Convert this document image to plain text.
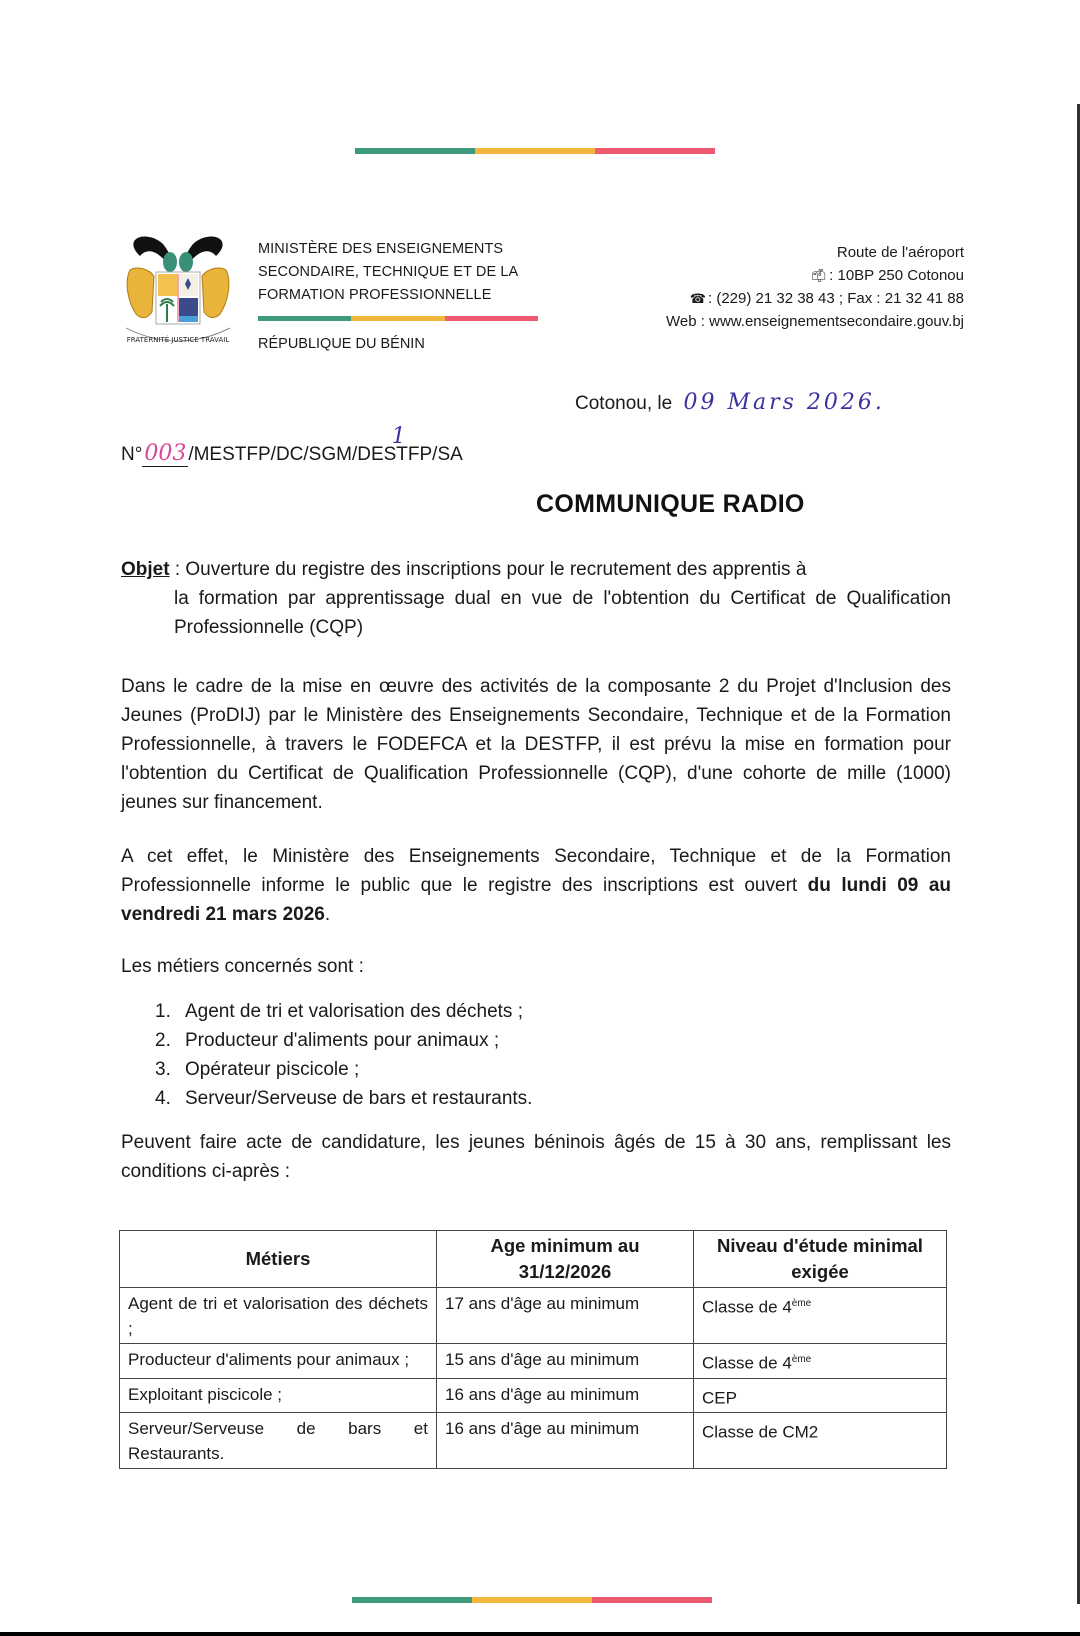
FRATERNITÉ JUSTICE TRAVAIL
MINISTÈRE DES ENSEIGNEMENTS
SECONDAIRE, TECHNIQUE ET DE LA
FORMATION PROFESSIONNELLE
RÉPUBLIQUE DU BÉNIN
Route de l'aéroport
📫︎ : 10BP 250 Cotonou
☎ : (229) 21 32 38 43 ; Fax : 21 32 41 88
Web : www.enseignementsecondaire.gouv.bj
Cotonou, le 09 Mars 2026.
N°003 /MESTFP/DC/SGM/DE
1
STFP/SA
COMMUNIQUE RADIO
Objet : Ouverture du registre des inscriptions pour le recrutement des apprentis à
la formation par apprentissage dual en vue de l'obtention du Certificat de Qualification Professionnelle (CQP)
Dans le cadre de la mise en œuvre des activités de la composante 2 du Projet d'Inclusion des Jeunes (ProDIJ) par le Ministère des Enseignements Secondaire, Technique et de la Formation Professionnelle, à travers le FODEFCA et la DESTFP, il est prévu la mise en formation pour l'obtention du Certificat de Qualification Professionnelle (CQP), d'une cohorte de mille (1000) jeunes sur financement.
A cet effet, le Ministère des Enseignements Secondaire, Technique et de la Formation Professionnelle informe le public que le registre des inscriptions est ouvert du lundi 09 au vendredi 21 mars 2026.
Les métiers concernés sont :
1. Agent de tri et valorisation des déchets ;
2. Producteur d'aliments pour animaux ;
3. Opérateur piscicole ;
4. Serveur/Serveuse de bars et restaurants.
Peuvent faire acte de candidature, les jeunes béninois âgés de 15 à 30 ans, remplissant les conditions ci-après :
Métiers	Age minimum au 31/12/2026	Niveau d'étude minimal exigée
Agent de tri et valorisation des déchets ;	17 ans d'âge au minimum	Classe de 4ème
Producteur d'aliments pour animaux ;	15 ans d'âge au minimum	Classe de 4ème
Exploitant piscicole ;	16 ans d'âge au minimum	CEP
Serveur/Serveuse de bars et Restaurants.	16 ans d'âge au minimum	Classe de CM2
